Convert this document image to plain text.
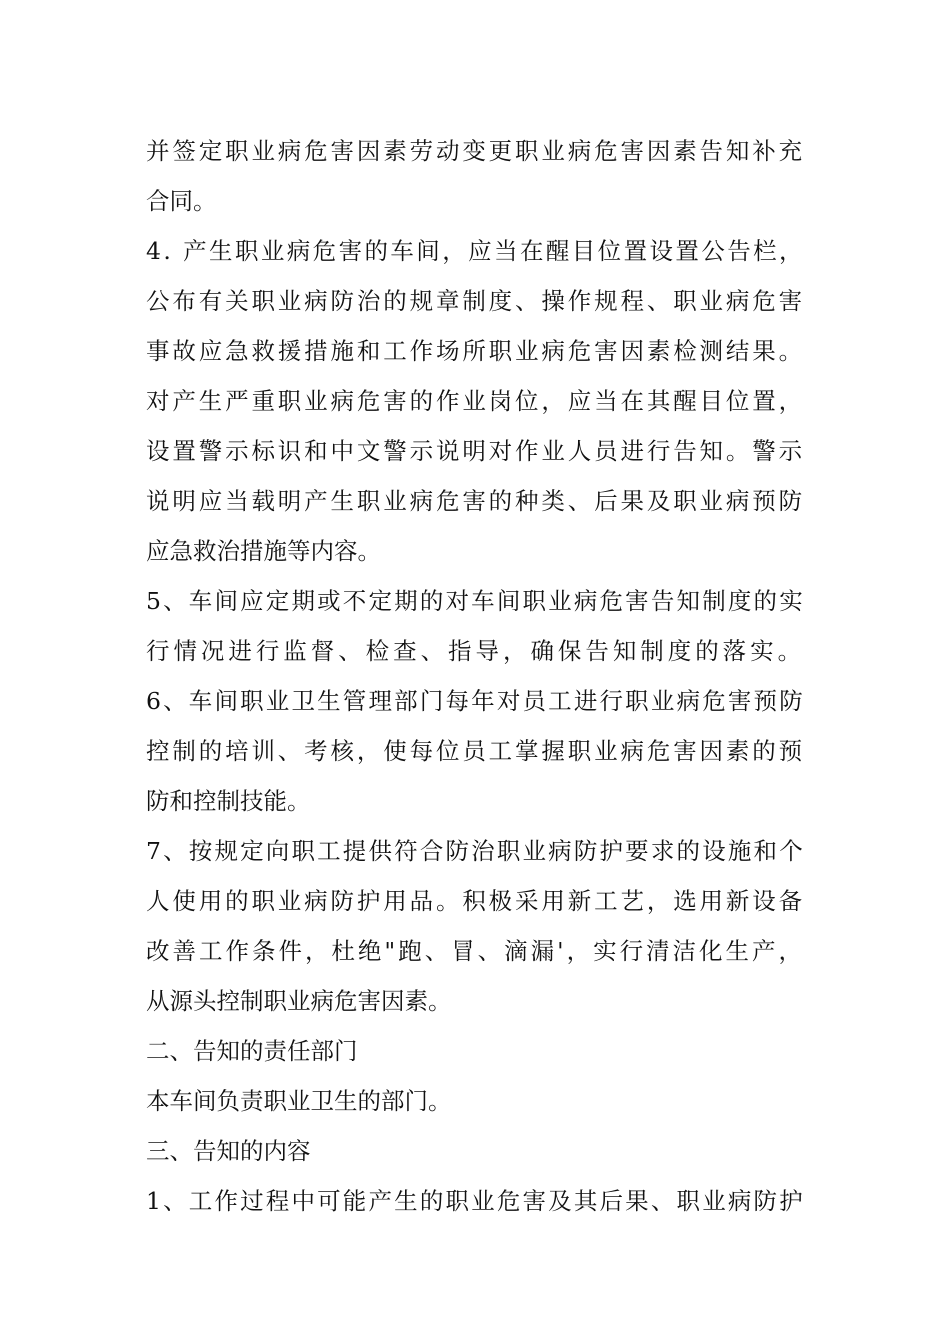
并签定职业病危害因素劳动变更职业病危害因素告知补充
合同。
4. 产生职业病危害的车间，应当在醒目位置设置公告栏，
公布有关职业病防治的规章制度、操作规程、职业病危害
事故应急救援措施和工作场所职业病危害因素检测结果。
对产生严重职业病危害的作业岗位，应当在其醒目位置，
设置警示标识和中文警示说明对作业人员进行告知。警示
说明应当载明产生职业病危害的种类、后果及职业病预防
应急救治措施等内容。
5、车间应定期或不定期的对车间职业病危害告知制度的实
行情况进行监督、检查、指导，确保告知制度的落实。
6、车间职业卫生管理部门每年对员工进行职业病危害预防
控制的培训、考核，使每位员工掌握职业病危害因素的预
防和控制技能。
7、按规定向职工提供符合防治职业病防护要求的设施和个
人使用的职业病防护用品。积极采用新工艺，选用新设备
改善工作条件，杜绝"跑、冒、滴漏'，实行清洁化生产，
从源头控制职业病危害因素。
二、告知的责任部门
本车间负责职业卫生的部门。
三、告知的内容
1、工作过程中可能产生的职业危害及其后果、职业病防护
